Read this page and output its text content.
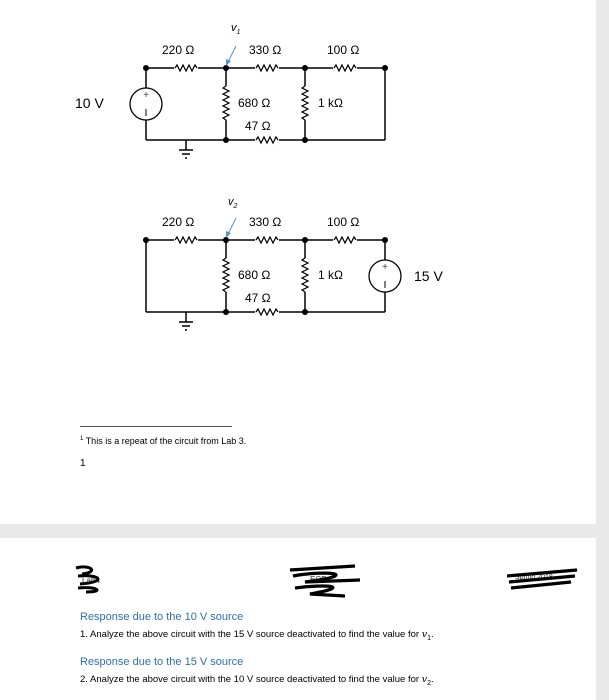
+
$v_1$
220 Ω	330 Ω	100 Ω
680 Ω
47 Ω
1 kΩ
10 V
+
$v_2$
220 Ω	330 Ω	100 Ω
680 Ω
47 Ω
1 kΩ	15 V
$^1$ This is a repeat of the circuit from Lab 3.
1
Lab4	ECE	Spring 2018
Response due to the 10 V source
1. Analyze the above circuit with the 15 V source deactivated to find the value for $v_1$.
Response due to the 15 V source
2. Analyze the above circuit with the 10 V source deactivated to find the value for $v_2$.
